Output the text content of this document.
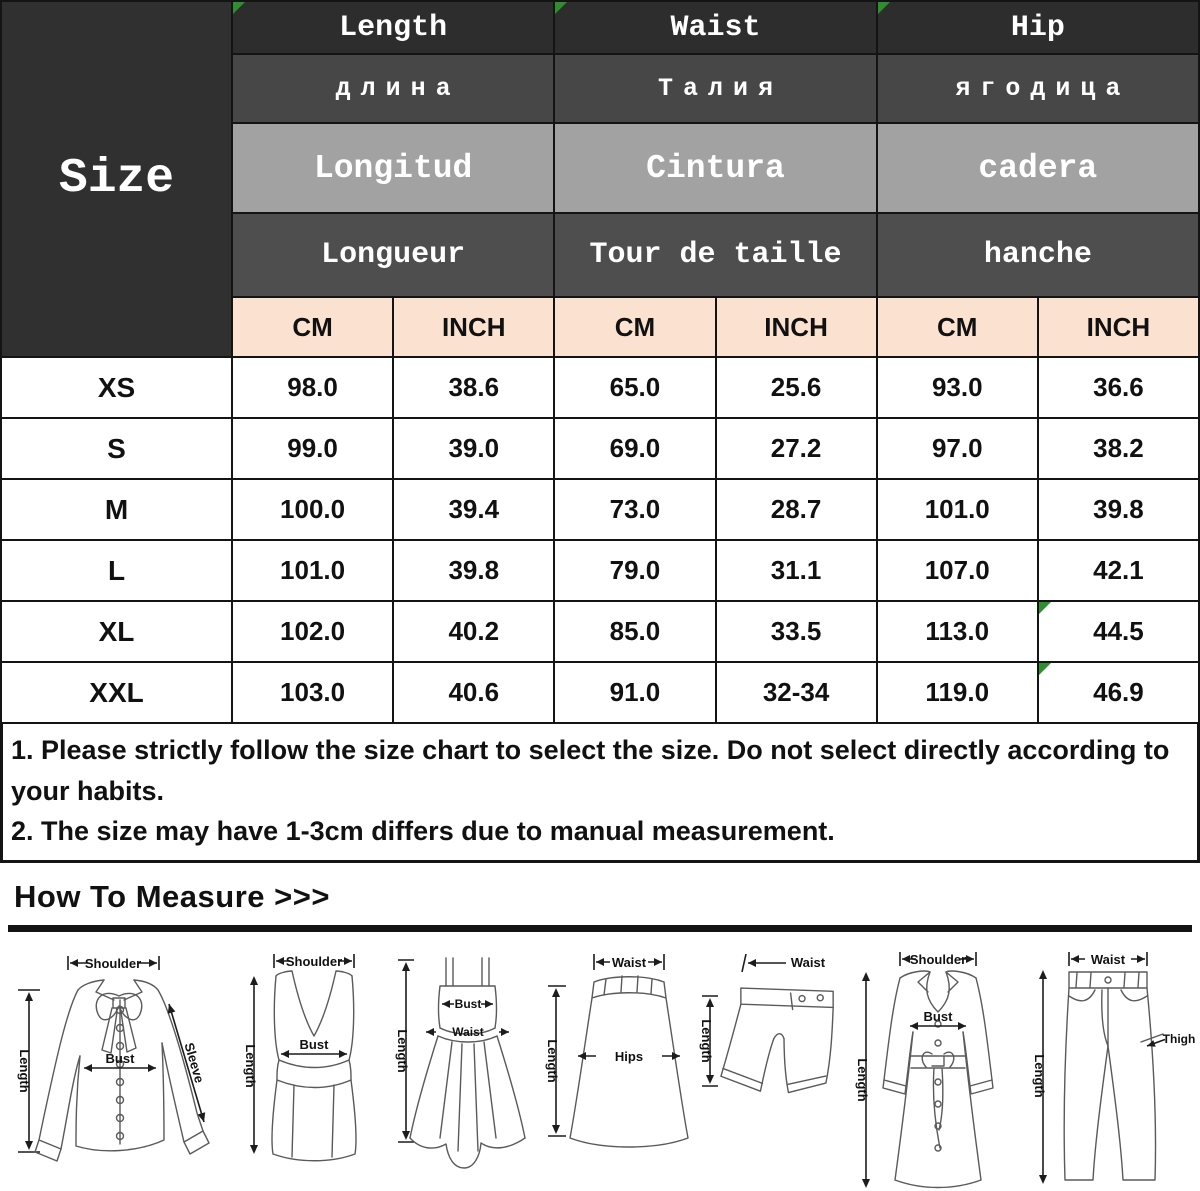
Size
Length	Waist	Hip
длина	Талия	ягодица
Longitud	Cintura	cadera
Longueur	Tour de taille	hanche
CM	INCH	CM	INCH	CM	INCH
XS	98.0	38.6	65.0	25.6	93.0	36.6
S	99.0	39.0	69.0	27.2	97.0	38.2
M	100.0	39.4	73.0	28.7	101.0	39.8
L	101.0	39.8	79.0	31.1	107.0	42.1
XL	102.0	40.2	85.0	33.5	113.0	44.5
XXL	103.0	40.6	91.0	32-34	119.0	46.9
1. Please strictly follow the size chart to select the size. Do not select directly according to your habits.
2. The size may have 1-3cm differs due to manual measurement.
How To Measure >>>
Shoulder
Length	Bust	Sleeve
Shoulder
Length	Bust	Length
Bust
Waist
Waist
Length	Hips
Waist
Length
Shoulder
Length
Bust
Waist
Length
Thigh
